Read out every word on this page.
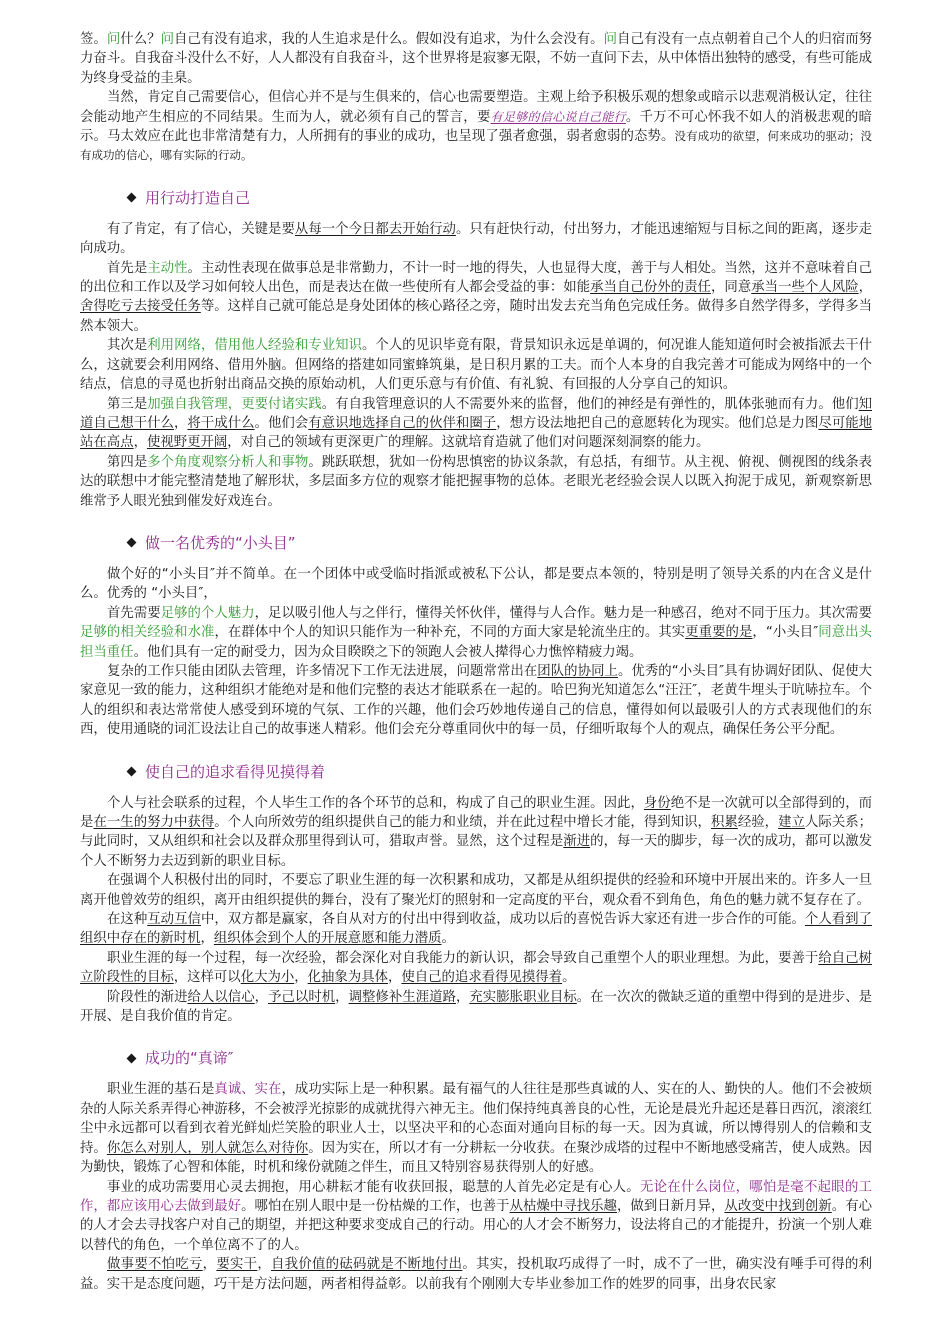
签。问什么？问自己有没有追求，我的人生追求是什么。假如没有追求，为什么会没有。问自己有没有一点点朝着自己个人的归宿而努力奋斗。自我奋斗没什么不好，人人都没有自我奋斗，这个世界将是寂寥无限，不妨一直问下去，从中体悟出独特的感受，有些可能成为终身受益的圭臬。

当然，肯定自己需要信心，但信心并不是与生俱来的，信心也需要塑造。主观上给予积极乐观的想象或暗示以悲观消极认定，往往会能动地产生相应的不同结果。生而为人，就必须有自己的誓言，要有足够的信心说自己能行。千万不可心怀我不如人的消极悲观的暗示。马太效应在此也非常清楚有力，人所拥有的事业的成功，也呈现了强者愈强，弱者愈弱的态势。没有成功的欲望，何来成功的驱动；没有成功的信心，哪有实际的行动。

用行动打造自己

有了肯定，有了信心，关键是要从每一个今日都去开始行动。只有赶快行动，付出努力，才能迅速缩短与目标之间的距离，逐步走向成功。

首先是主动性。主动性表现在做事总是非常勤力，不计一时一地的得失，人也显得大度，善于与人相处。当然，这并不意味着自己的出位和工作以及学习如何较人出色，而是表达在做一些使所有人都会受益的事：如能承当自己份外的责任，同意承当一些个人风险，舍得吃亏去接受任务等。这样自己就可能总是身处团体的核心路径之旁，随时出发去充当角色完成任务。做得多自然学得多，学得多当然本领大。

其次是利用网络，借用他人经验和专业知识。个人的见识毕竟有限，背景知识永远是单调的，何况谁人能知道何时会被指派去干什么，这就要会利用网络、借用外脑。但网络的搭建如同蜜蜂筑巢，是日积月累的工夫。而个人本身的自我完善才可能成为网络中的一个结点，信息的寻觅也折射出商品交换的原始动机，人们更乐意与有价值、有礼貌、有回报的人分享自己的知识。

第三是加强自我管理，更要付诸实践。有自我管理意识的人不需要外来的监督，他们的神经是有弹性的，肌体张驰而有力。他们知道自己想干什么，将干成什么。他们会有意识地选择自己的伙伴和圈子，想方设法地把自己的意愿转化为现实。他们总是力图尽可能地站在高点，使视野更开阔，对自己的领域有更深更广的理解。这就培育造就了他们对问题深刻洞察的能力。

第四是多个角度观察分析人和事物。跳跃联想，犹如一份构思慎密的协议条款，有总括，有细节。从主视、俯视、侧视图的线条表达的联想中才能完整清楚地了解形状，多层面多方位的观察才能把握事物的总体。老眼光老经验会误人以既入拘泥于成见，新观察新思维常予人眼光独到催发好戏连台。

做一名优秀的“小头目”

做个好的“小头目″并不简单。在一个团体中或受临时指派或被私下公认，都是要点本领的，特别是明了领导关系的内在含义是什么。优秀的 “小头目″，

首先需要足够的个人魅力，足以吸引他人与之伴行，懂得关怀伙伴，懂得与人合作。魅力是一种感召，绝对不同于压力。其次需要足够的相关经验和水准，在群体中个人的知识只能作为一种补充，不同的方面大家是轮流坐庄的。其实更重要的是，“小头目″同意出头担当重任。他们具有一定的耐受力，因为众目睽睽之下的领跑人会被人撵得心力憔悴精疲力竭。

复杂的工作只能由团队去管理，许多情况下工作无法进展，问题常常出在团队的协同上。优秀的“小头目″具有协调好团队、促使大家意见一致的能力，这种组织才能绝对是和他们完整的表达才能联系在一起的。哈巴狗光知道怎么“汪汪″，老黄牛埋头于吭哧拉车。个人的组织和表达常常使人感受到环境的气氛、工作的兴趣，他们会巧妙地传递自己的信息，懂得如何以最吸引人的方式表现他们的东西，使用通晓的词汇设法让自己的故事迷人精彩。他们会充分尊重同伙中的每一员，仔细听取每个人的观点，确保任务公平分配。

使自己的追求看得见摸得着

个人与社会联系的过程，个人毕生工作的各个环节的总和，构成了自己的职业生涯。因此，身份绝不是一次就可以全部得到的，而是在一生的努力中获得。个人向所效劳的组织提供自己的能力和业绩，并在此过程中增长才能，得到知识，积累经验，建立人际关系；与此同时，又从组织和社会以及群众那里得到认可，猎取声誉。显然，这个过程是渐进的，每一天的脚步，每一次的成功，都可以激发个人不断努力去迈到新的职业目标。

在强调个人积极付出的同时，不要忘了职业生涯的每一次积累和成功，又都是从组织提供的经验和环境中开展出来的。许多人一旦离开他曾效劳的组织，离开由组织提供的舞台，没有了聚光灯的照射和一定高度的平台，观众看不到角色，角色的魅力就不复存在了。

在这种互动互信中，双方都是赢家，各自从对方的付出中得到收益，成功以后的喜悦告诉大家还有进一步合作的可能。个人看到了组织中存在的新时机，组织体会到个人的开展意愿和能力潜质。

职业生涯的每一个过程，每一次经验，都会深化对自我能力的新认识，都会导致自己重塑个人的职业理想。为此，要善于给自己树立阶段性的目标，这样可以化大为小，化抽象为具体，使自己的追求看得见摸得着。

阶段性的渐进给人以信心，予己以时机，调整修补生涯道路，充实膨胀职业目标。在一次次的微缺乏道的重塑中得到的是进步、是开展、是自我价值的肯定。

成功的“真谛″

职业生涯的基石是真诚、实在，成功实际上是一种积累。最有福气的人往往是那些真诚的人、实在的人、勤快的人。他们不会被烦杂的人际关系弄得心神游移，不会被浮光掠影的成就扰得六神无主。他们保持纯真善良的心性，无论是晨光升起还是暮日西沉，滚滚红尘中永远都可以看到衣着光鲜灿烂笑脸的职业人士，以坚决平和的心态面对通向目标的每一天。因为真诚，所以博得别人的信赖和支持。你怎么对别人，别人就怎么对待你。因为实在，所以才有一分耕耘一分收获。在聚沙成塔的过程中不断地感受痛苦，使人成熟。因为勤快，锻炼了心智和体能，时机和缘份就随之伴生，而且又特别容易获得别人的好感。

事业的成功需要用心灵去拥抱，用心耕耘才能有收获回报，聪慧的人首先必定是有心人。无论在什么岗位，哪怕是毫不起眼的工作，都应该用心去做到最好。哪怕在别人眼中是一份枯燥的工作，也善于从枯燥中寻找乐趣，做到日新月异，从改变中找到创新。有心的人才会去寻找客户对自己的期望，并把这种要求变成自己的行动。用心的人才会不断努力，设法将自己的才能提升，扮演一个别人难以替代的角色，一个单位离不了的人。

做事要不怕吃亏，要实干，自我价值的砝码就是不断地付出。其实，投机取巧成得了一时，成不了一世，确实没有唾手可得的利益。实干是态度问题，巧干是方法问题，两者相得益彰。以前我有个刚刚大专毕业参加工作的姓罗的同事，出身农民家
